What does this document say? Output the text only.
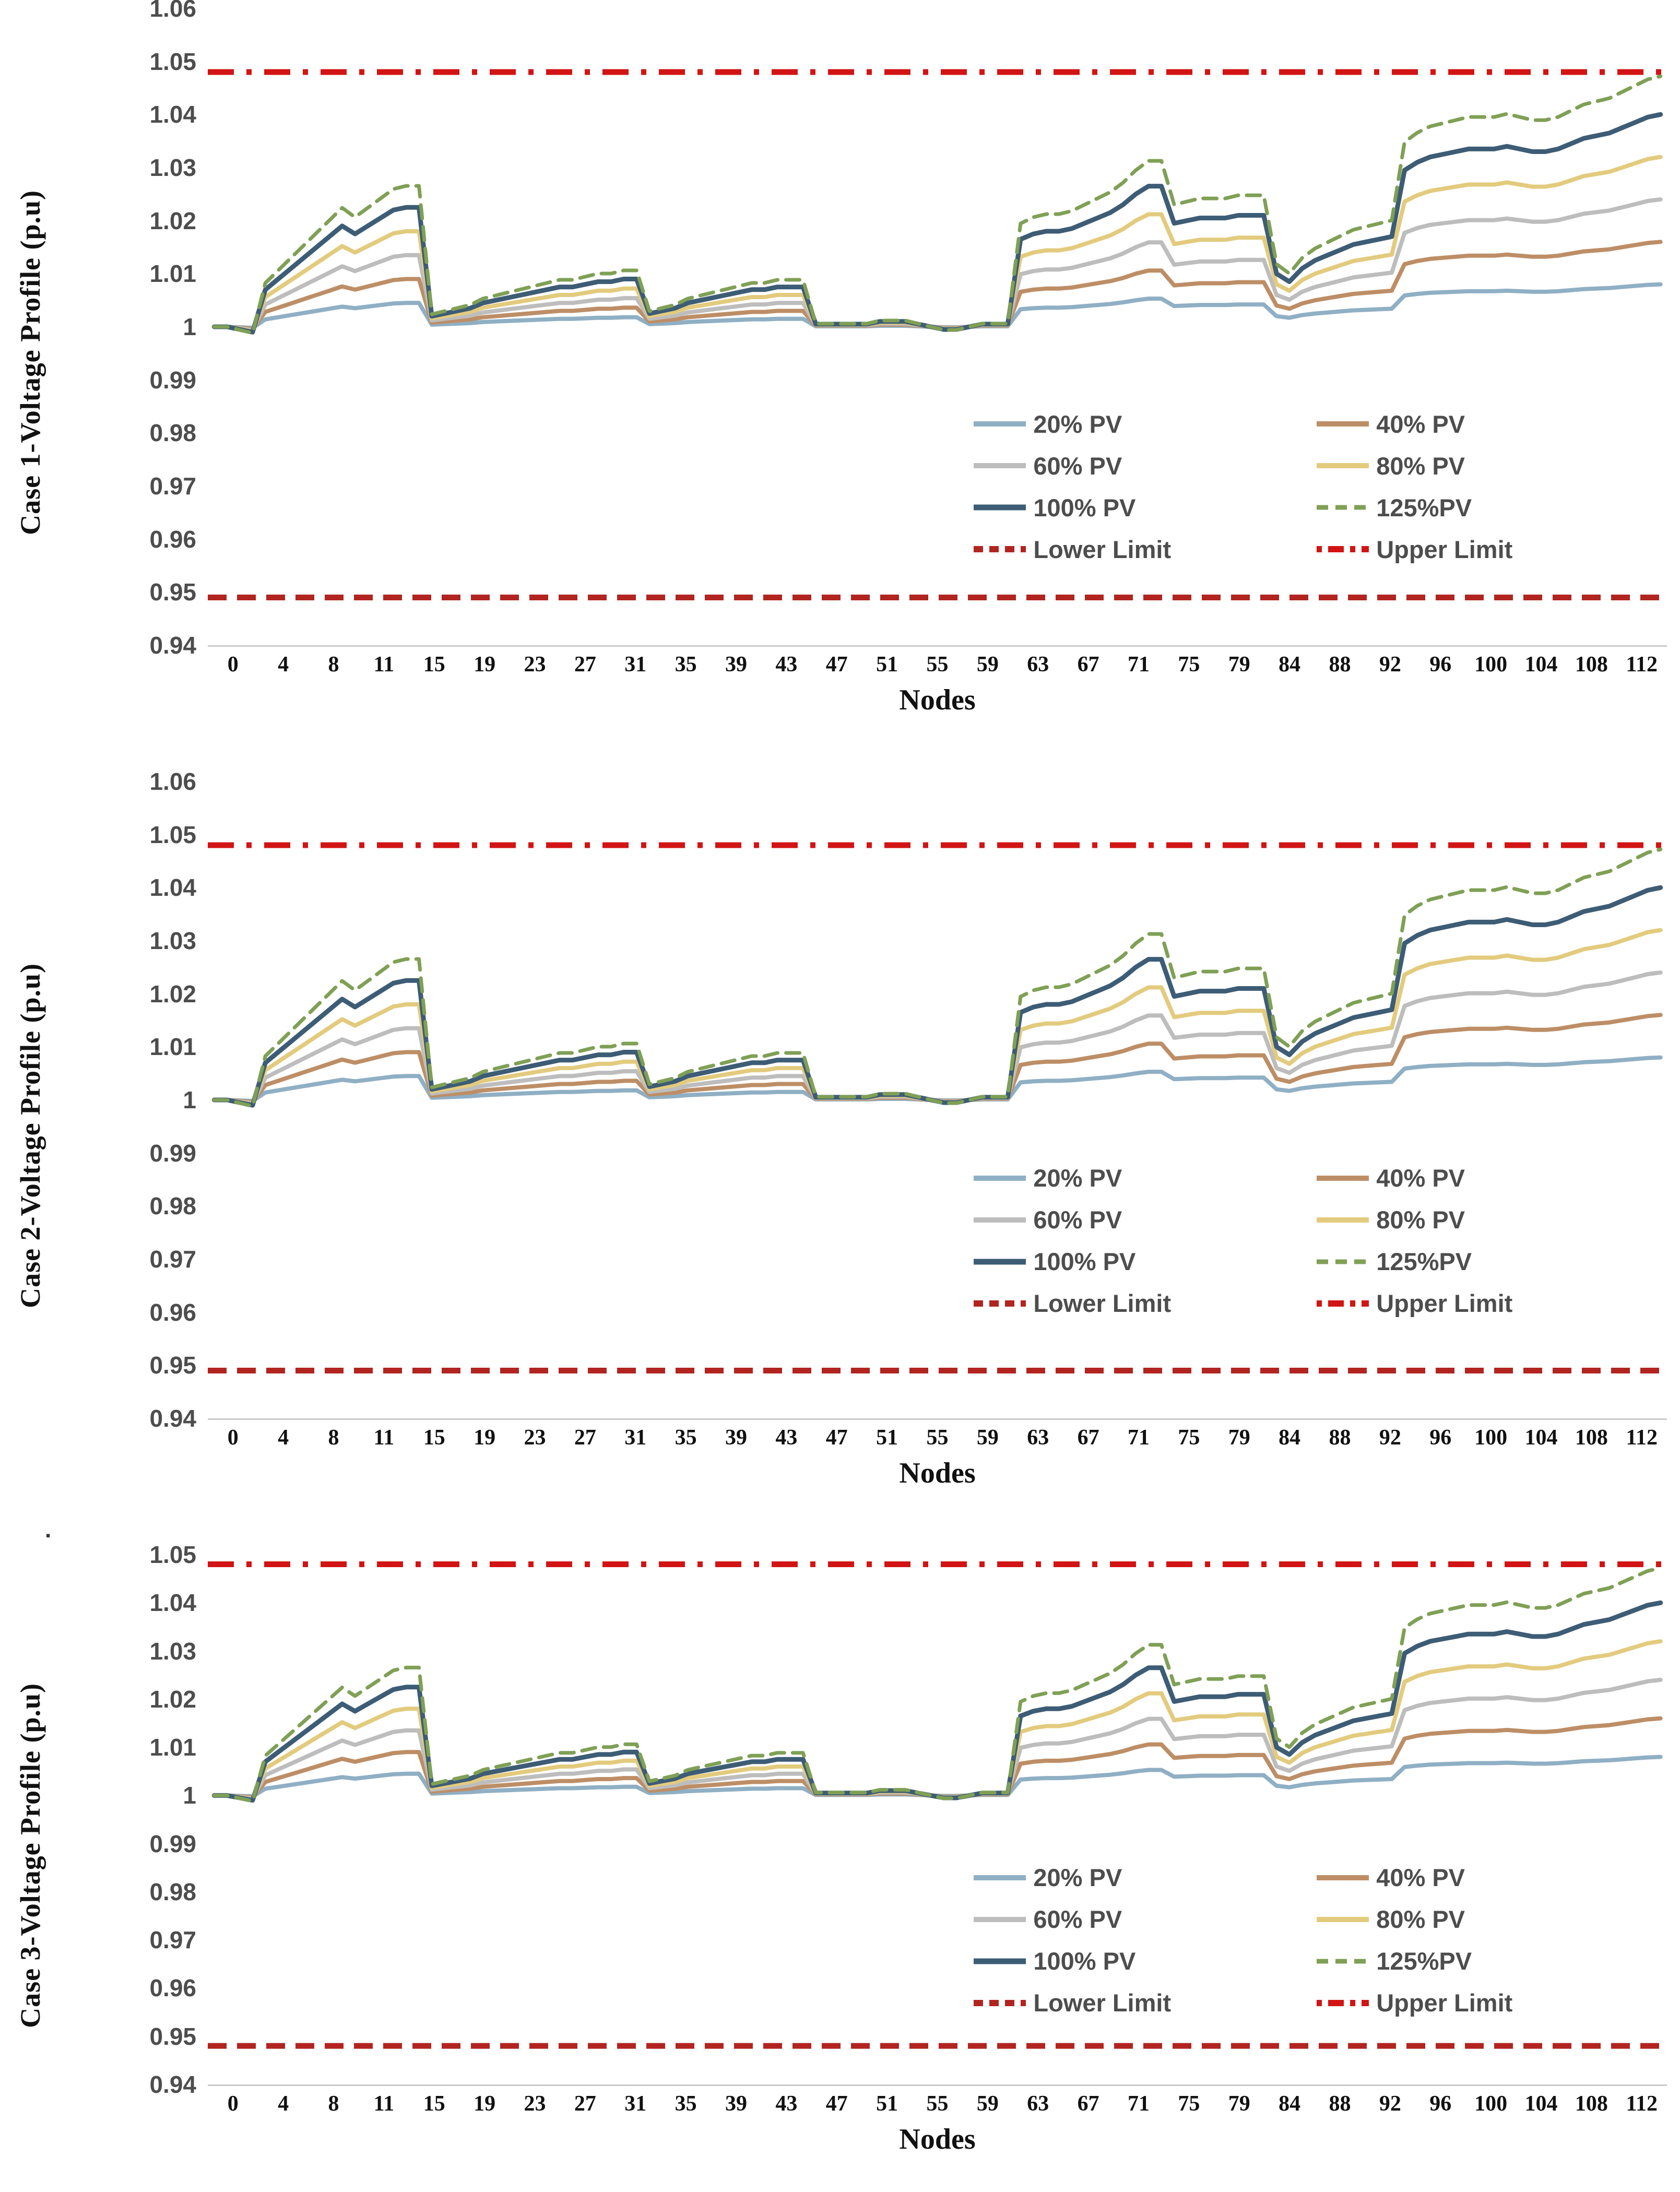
Case 1-Voltage Profile (p.u)
1.06
1.05
1.04
1.03
1.02
1.01
1
0.99
0.98
0.97
0.96
0.95
0.94
20% PV	40% PV
60% PV	80% PV
100% PV	125%PV
Lower Limit	Upper Limit
0	4	8	11	15	19	23	27	31	35	39	43	47	51	55	59	63	67	71	75	79	84	88	92	96	100 104 108 112
Nodes
Case 2-Voltage Profile (p.u)
1.06
1.05
1.04
1.03
1.02
1.01
1
0.99
0.98
0.97
0.96
0.95
0.94
20% PV	40% PV
60% PV	80% PV
100% PV	125%PV
Lower Limit	Upper Limit
0	4	8	11	15	19	23	27	31	35	39	43	47	51	55	59	63	67	71	75	79	84	88	92	96	100 104 108 112
Nodes
.
Case 3-Voltage Profile (p.u)
1.05
1.04
1.03
1.02
1.01
1
0.99
0.98
0.97
0.96
0.95
0.94
20% PV	40% PV
60% PV	80% PV
100% PV	125%PV
Lower Limit	Upper Limit
0	4	8	11	15	19	23	27	31	35	39	43	47	51	55	59	63	67	71	75	79	84	88	92	96	100 104 108 112
Nodes
